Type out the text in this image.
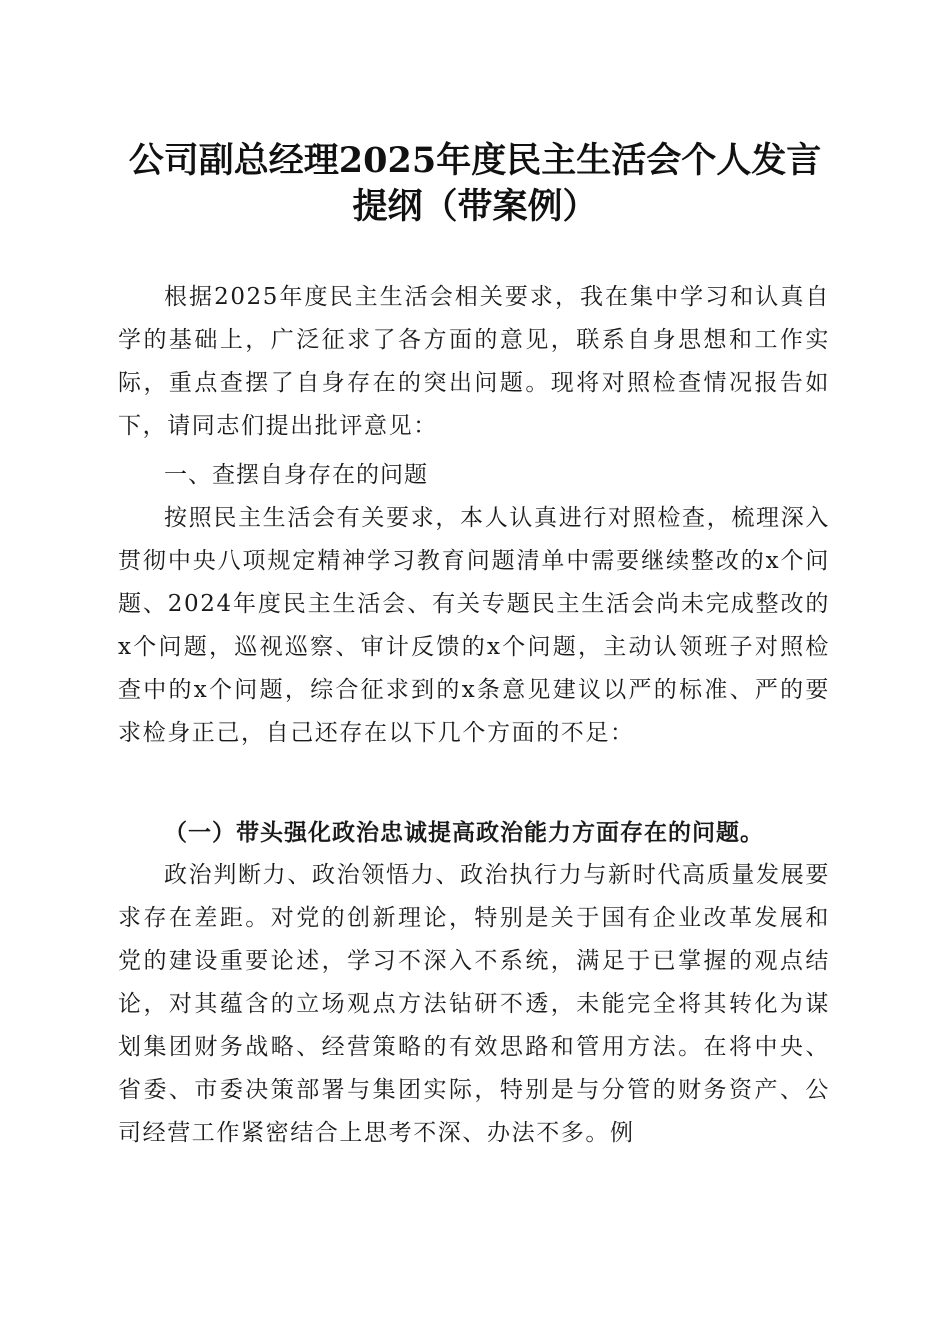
公司副总经理2025年度民主生活会个人发言
提纲（带案例）

根据2025年度民主生活会相关要求，我在集中学习和认真自学的基础上，广泛征求了各方面的意见，联系自身思想和工作实际，重点查摆了自身存在的突出问题。现将对照检查情况报告如下，请同志们提出批评意见：

一、查摆自身存在的问题

按照民主生活会有关要求，本人认真进行对照检查，梳理深入贯彻中央八项规定精神学习教育问题清单中需要继续整改的x个问题、2024年度民主生活会、有关专题民主生活会尚未完成整改的x个问题，巡视巡察、审计反馈的x个问题，主动认领班子对照检查中的x个问题，综合征求到的x条意见建议以严的标准、严的要求检身正己，自己还存在以下几个方面的不足：

（一）带头强化政治忠诚提高政治能力方面存在的问题。

政治判断力、政治领悟力、政治执行力与新时代高质量发展要求存在差距。对党的创新理论，特别是关于国有企业改革发展和党的建设重要论述，学习不深入不系统，满足于已掌握的观点结论，对其蕴含的立场观点方法钻研不透，未能完全将其转化为谋划集团财务战略、经营策略的有效思路和管用方法。在将中央、省委、市委决策部署与集团实际，特别是与分管的财务资产、公司经营工作紧密结合上思考不深、办法不多。例
